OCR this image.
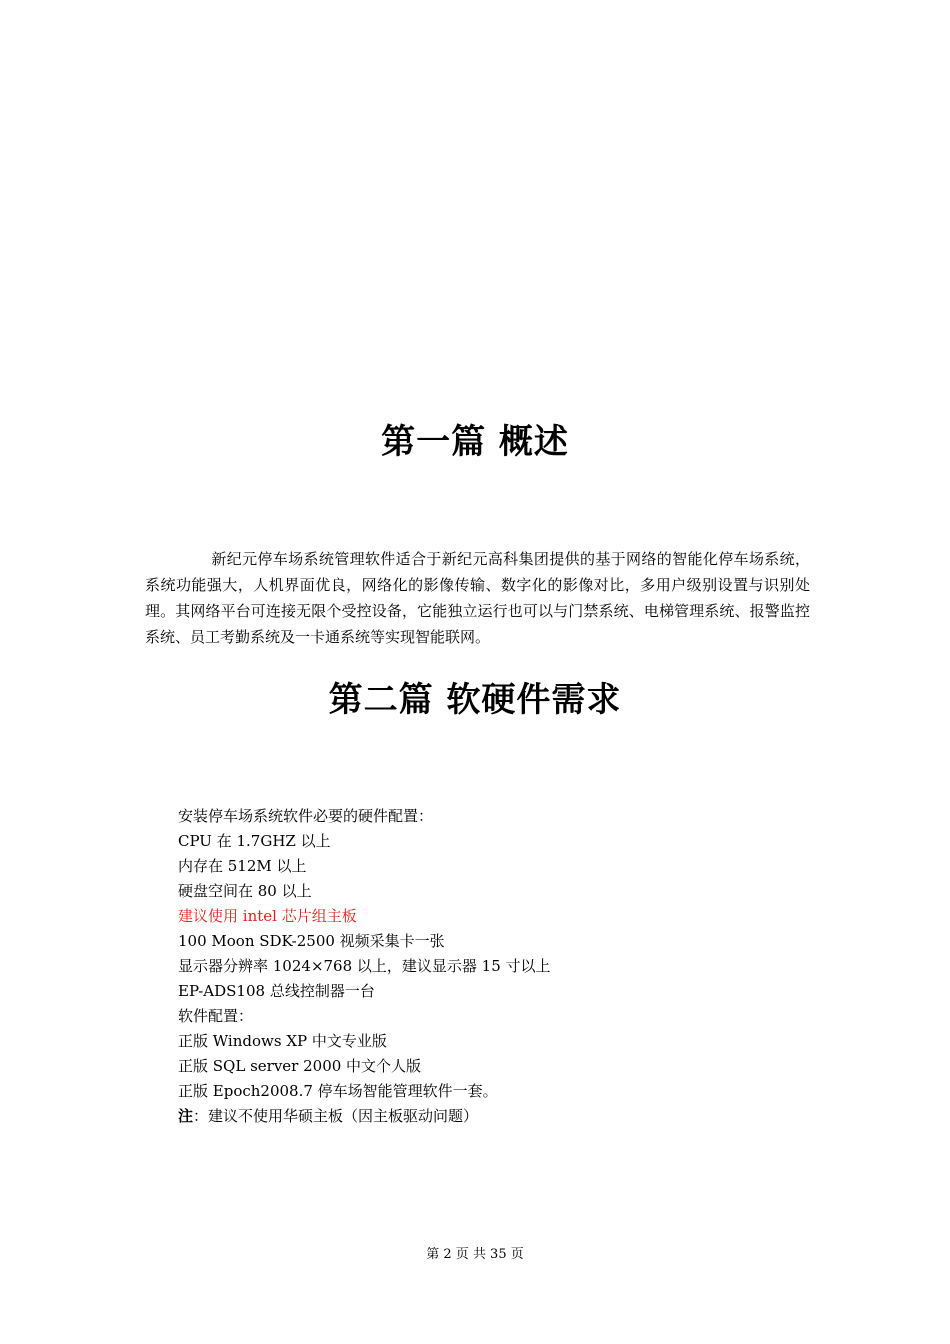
第一篇 概述

新纪元停车场系统管理软件适合于新纪元高科集团提供的基于网络的智能化停车场系统，系统功能强大，人机界面优良，网络化的影像传输、数字化的影像对比，多用户级别设置与识别处理。其网络平台可连接无限个受控设备，它能独立运行也可以与门禁系统、电梯管理系统、报警监控系统、员工考勤系统及一卡通系统等实现智能联网。

第二篇 软硬件需求
安装停车场系统软件必要的硬件配置：
CPU 在 1.7GHZ 以上
内存在 512M 以上
硬盘空间在 80 以上
建议使用 intel 芯片组主板
100 Moon SDK-2500 视频采集卡一张
显示器分辨率 1024×768 以上，建议显示器 15 寸以上
EP-ADS108 总线控制器一台
软件配置：
正版 Windows XP 中文专业版
正版 SQL server 2000 中文个人版
正版 Epoch2008.7 停车场智能管理软件一套。
注：建议不使用华硕主板（因主板驱动问题）
第 2 页 共 35 页
